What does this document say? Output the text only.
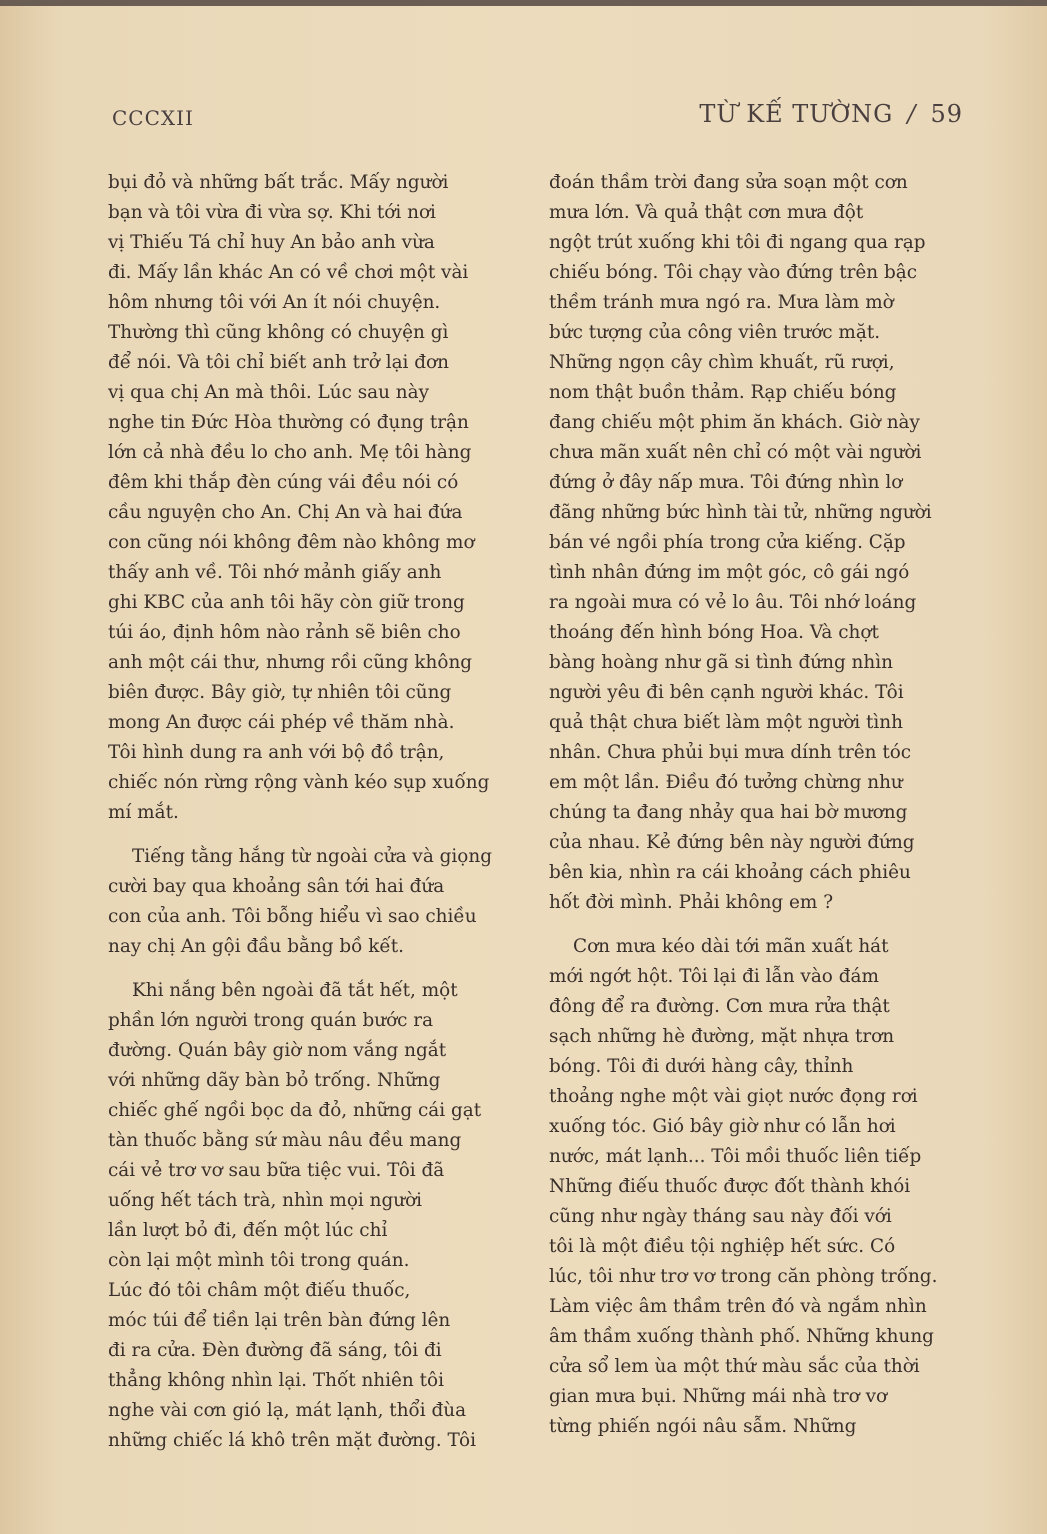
CCCXII	TỪ KẾ TƯỜNG / 59

bụi đỏ và những bất trắc. Mấy người
bạn và tôi vừa đi vừa sợ. Khi tới nơi
vị Thiếu Tá chỉ huy An bảo anh vừa
đi. Mấy lần khác An có về chơi một vài
hôm nhưng tôi với An ít nói chuyện.
Thường thì cũng không có chuyện gì
để nói. Và tôi chỉ biết anh trở lại đơn
vị qua chị An mà thôi. Lúc sau này
nghe tin Đức Hòa thường có đụng trận
lớn cả nhà đều lo cho anh. Mẹ tôi hàng
đêm khi thắp đèn cúng vái đều nói có
cầu nguyện cho An. Chị An và hai đứa
con cũng nói không đêm nào không mơ
thấy anh về. Tôi nhớ mảnh giấy anh
ghi KBC của anh tôi hãy còn giữ trong
túi áo, định hôm nào rảnh sẽ biên cho
anh một cái thư, nhưng rồi cũng không
biên được. Bây giờ, tự nhiên tôi cũng
mong An được cái phép về thăm nhà.
Tôi hình dung ra anh với bộ đồ trận,
chiếc nón rừng rộng vành kéo sụp xuống
mí mắt.

Tiếng tằng hắng từ ngoài cửa và giọng
cười bay qua khoảng sân tới hai đứa
con của anh. Tôi bỗng hiểu vì sao chiều
nay chị An gội đầu bằng bồ kết.

Khi nắng bên ngoài đã tắt hết, một
phần lớn người trong quán bước ra
đường. Quán bây giờ nom vắng ngắt
với những dãy bàn bỏ trống. Những
chiếc ghế ngồi bọc da đỏ, những cái gạt
tàn thuốc bằng sứ màu nâu đều mang
cái vẻ trơ vơ sau bữa tiệc vui. Tôi đã
uống hết tách trà, nhìn mọi người
lần lượt bỏ đi, đến một lúc chỉ
còn lại một mình tôi trong quán.
Lúc đó tôi châm một điếu thuốc,
móc túi để tiền lại trên bàn đứng lên
đi ra cửa. Đèn đường đã sáng, tôi đi
thẳng không nhìn lại. Thốt nhiên tôi
nghe vài cơn gió lạ, mát lạnh, thổi đùa
những chiếc lá khô trên mặt đường. Tôi

đoán thầm trời đang sửa soạn một cơn
mưa lớn. Và quả thật cơn mưa đột
ngột trút xuống khi tôi đi ngang qua rạp
chiếu bóng. Tôi chạy vào đứng trên bậc
thềm tránh mưa ngó ra. Mưa làm mờ
bức tượng của công viên trước mặt.
Những ngọn cây chìm khuất, rũ rượi,
nom thật buồn thảm. Rạp chiếu bóng
đang chiếu một phim ăn khách. Giờ này
chưa mãn xuất nên chỉ có một vài người
đứng ở đây nấp mưa. Tôi đứng nhìn lơ
đãng những bức hình tài tử, những người
bán vé ngồi phía trong cửa kiếng. Cặp
tình nhân đứng im một góc, cô gái ngó
ra ngoài mưa có vẻ lo âu. Tôi nhớ loáng
thoáng đến hình bóng Hoa. Và chợt
bàng hoàng như gã si tình đứng nhìn
người yêu đi bên cạnh người khác. Tôi
quả thật chưa biết làm một người tình
nhân. Chưa phủi bụi mưa dính trên tóc
em một lần. Điều đó tưởng chừng như
chúng ta đang nhảy qua hai bờ mương
của nhau. Kẻ đứng bên này người đứng
bên kia, nhìn ra cái khoảng cách phiêu
hốt đời mình. Phải không em ?

Cơn mưa kéo dài tới mãn xuất hát
mới ngớt hột. Tôi lại đi lẫn vào đám
đông để ra đường. Cơn mưa rửa thật
sạch những hè đường, mặt nhựa trơn
bóng. Tôi đi dưới hàng cây, thỉnh
thoảng nghe một vài giọt nước đọng rơi
xuống tóc. Gió bây giờ như có lẫn hơi
nước, mát lạnh... Tôi mồi thuốc liên tiếp
Những điếu thuốc được đốt thành khói
cũng như ngày tháng sau này đối với
tôi là một điều tội nghiệp hết sức. Có
lúc, tôi như trơ vơ trong căn phòng trống.
Làm việc âm thầm trên đó và ngắm nhìn
âm thầm xuống thành phố. Những khung
cửa sổ lem ùa một thứ màu sắc của thời
gian mưa bụi. Những mái nhà trơ vơ
từng phiến ngói nâu sẫm. Những
